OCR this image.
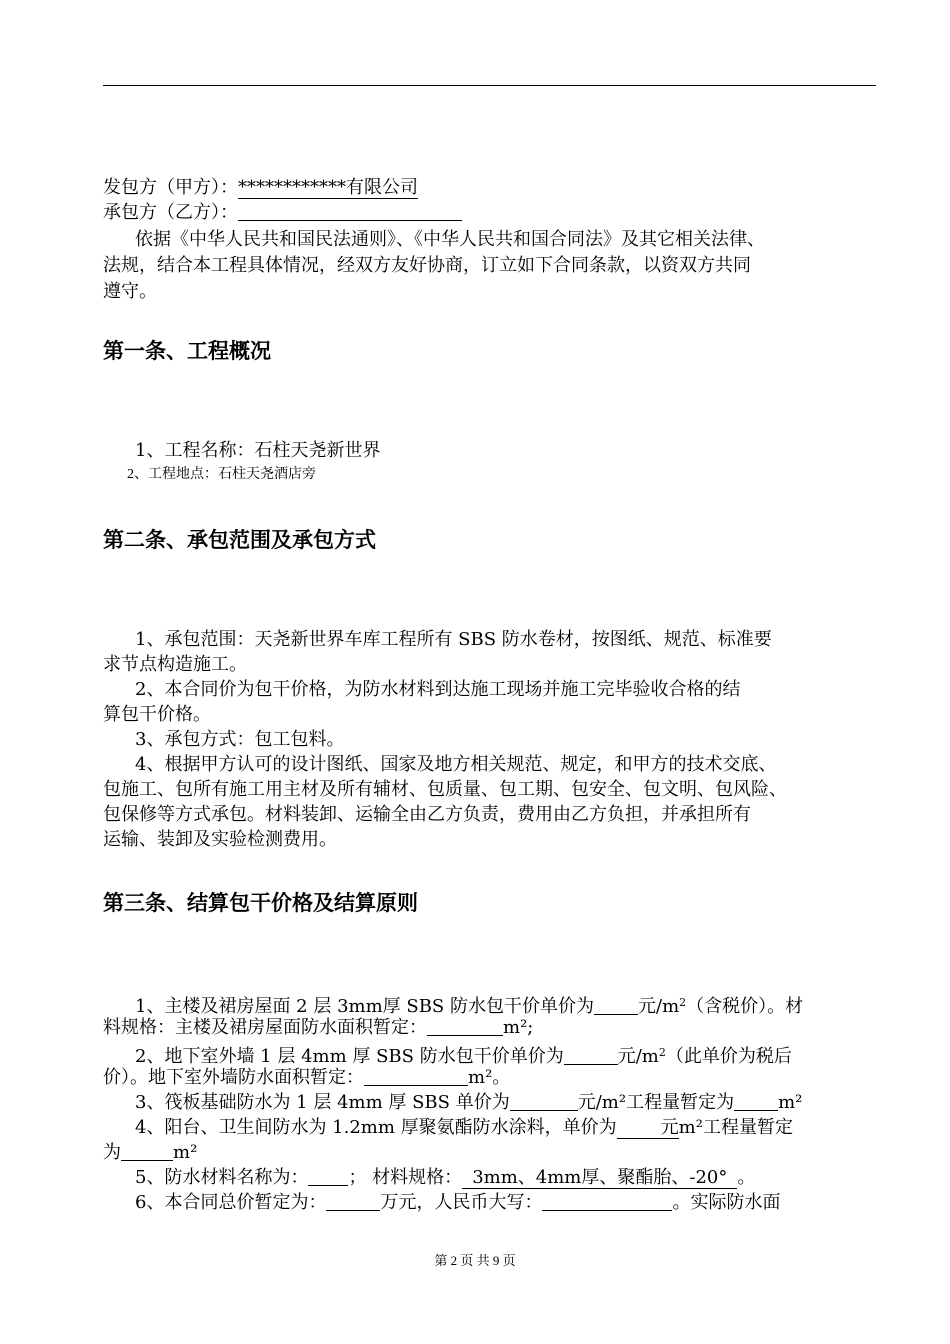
发包方（甲方）：************有限公司
承包方（乙方）：
依据《中华人民共和国民法通则》、《中华人民共和国合同法》及其它相关法律、
法规，结合本工程具体情况，经双方友好协商，订立如下合同条款，以资双方共同
遵守。
第一条、工程概况
1、工程名称：石柱天尧新世界
2、工程地点：石柱天尧酒店旁
第二条、承包范围及承包方式
1、承包范围：天尧新世界车库工程所有 SBS 防水卷材，按图纸、规范、标准要
求节点构造施工。
2、本合同价为包干价格，为防水材料到达施工现场并施工完毕验收合格的结
算包干价格。
3、承包方式：包工包料。
4、根据甲方认可的设计图纸、国家及地方相关规范、规定，和甲方的技术交底、
包施工、包所有施工用主材及所有辅材、包质量、包工期、包安全、包文明、包风险、
包保修等方式承包。材料装卸、运输全由乙方负责，费用由乙方负担，并承担所有
运输、装卸及实验检测费用。
第三条、结算包干价格及结算原则
1、主楼及裙房屋面 2 层 3mm厚 SBS 防水包干价单价为 元$/m^2$（含税价）。材
料规格：主楼及裙房屋面防水面积暂定：	m²;
2、地下室外墙 1 层 4mm 厚 SBS 防水包干价单价为	元$/m^2$（此单价为税后
价）。地下室外墙防水面积暂定：	m²。
3、筏板基础防水为 1 层 4mm 厚 SBS 单价为	元/m²工程量暂定为 m²
4、阳台、卫生间防水为 1.2mm 厚聚氨酯防水涂料，单价为 元m²工程量暂定
为	m²
5、防水材料名称为： ； 材料规格： 3mm、4mm厚、聚酯胎、-20° 。
6、本合同总价暂定为：	万元，人民币大写：	。实际防水面
第 2 页 共 9 页
